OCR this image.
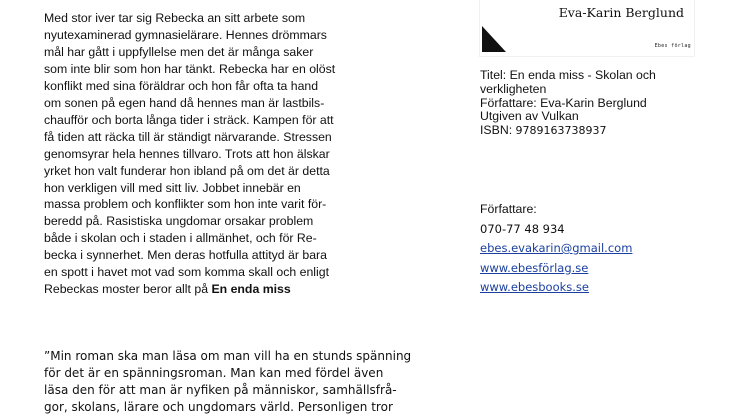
Med stor iver tar sig Rebecka an sitt arbete som

nyutexaminerad gymnasielärare. Hennes drömmars

mål har gått i uppfyllelse men det är många saker

som inte blir som hon har tänkt. Rebecka har en olöst

konflikt med sina föräldrar och hon får ofta ta hand

om sonen på egen hand då hennes man är lastbils-

chaufför och borta långa tider i sträck. Kampen för att

få tiden att räcka till är ständigt närvarande. Stressen

genomsyrar hela hennes tillvaro. Trots att hon älskar

yrket hon valt funderar hon ibland på om det är detta

hon verkligen vill med sitt liv. Jobbet innebär en

massa problem och konflikter som hon inte varit för-

beredd på. Rasistiska ungdomar orsakar problem

både i skolan och i staden i allmänhet, och för Re-

becka i synnerhet. Men deras hotfulla attityd är bara

en spott i havet mot vad som komma skall och enligt

Rebeckas moster beror allt på En enda miss

”Min roman ska man läsa om man vill ha en stunds spänning
för det är en spänningsroman. Man kan med fördel även
läsa den för att man är nyfiken på människor, samhällsfrå-
gor, skolans, lärare och ungdomars värld. Personligen tror
Eva-Karin Berglund
Ebes förlag
Titel: En enda miss - Skolan och
verkligheten
Författare: Eva-Karin Berglund
Utgiven av Vulkan
ISBN: 9789163738937
Författare:
070-77 48 934
ebes.evakarin@gmail.com
www.ebesförlag.se
www.ebesbooks.se
